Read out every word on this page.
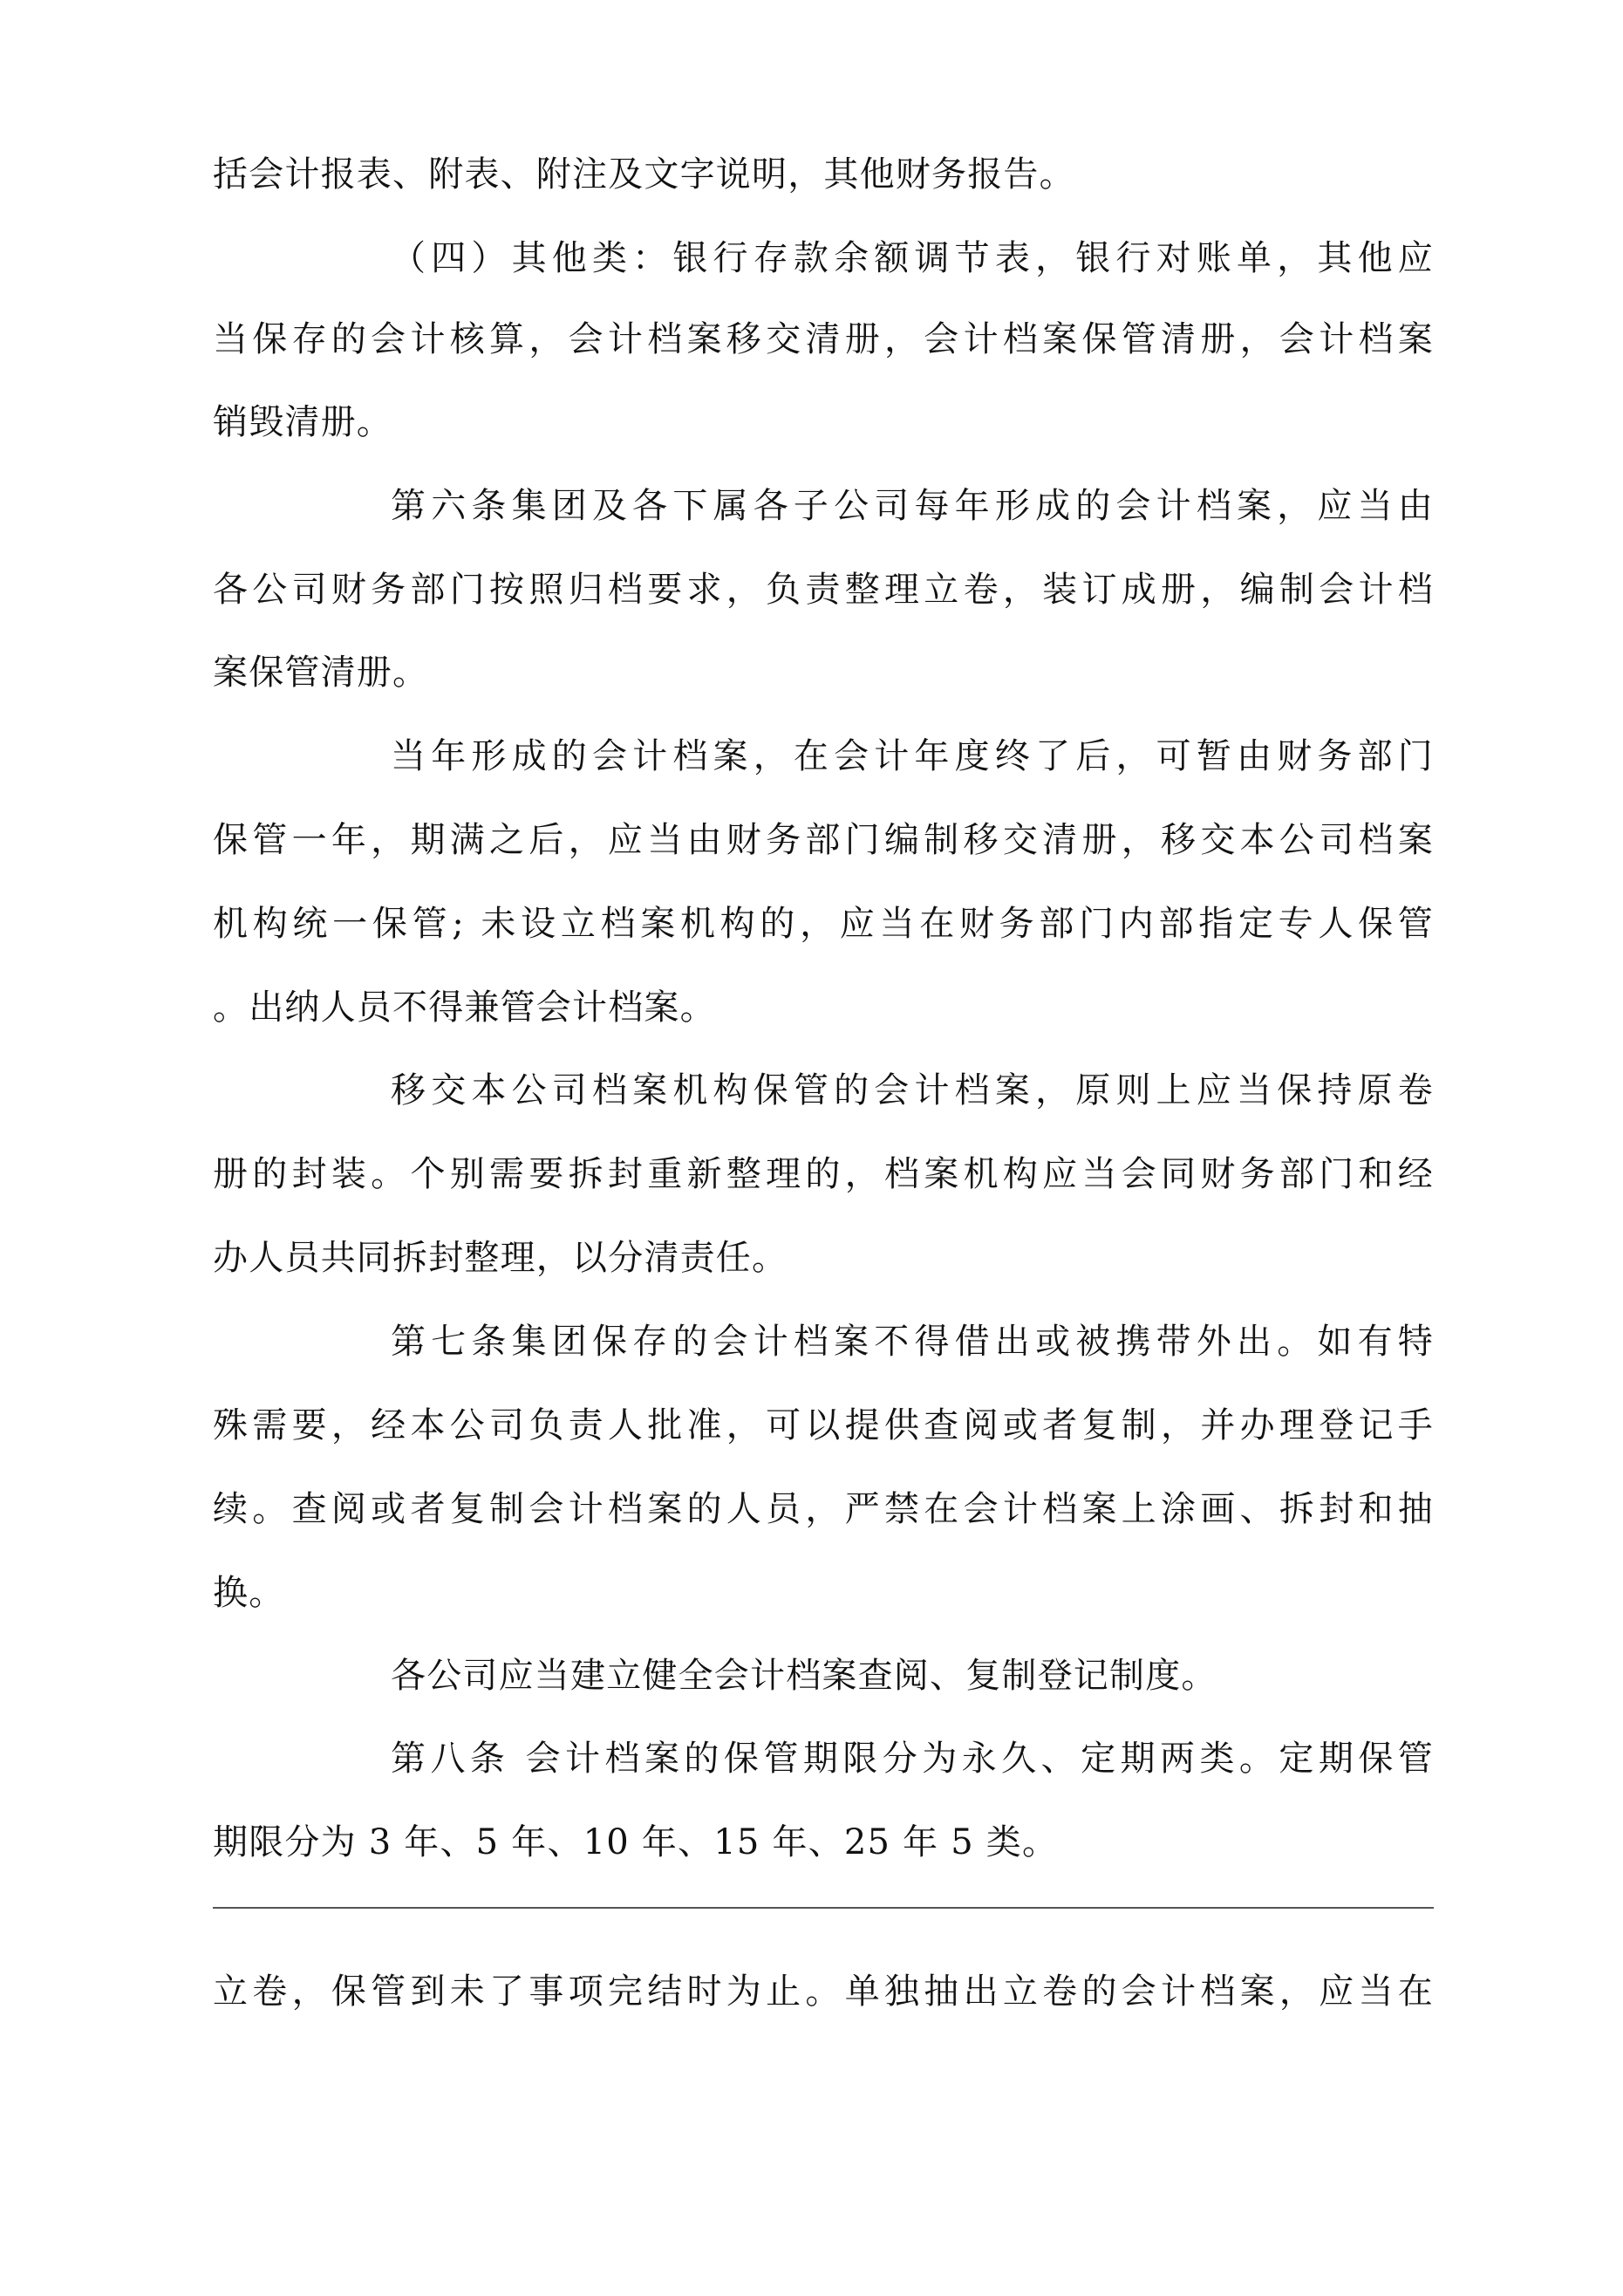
括会计报表、附表、附注及文字说明，其他财务报告。
（四）其他类：银行存款余额调节表，银行对账单，其他应
当保存的会计核算，会计档案移交清册，会计档案保管清册，会计档案
销毁清册。
第六条集团及各下属各子公司每年形成的会计档案，应当由
各公司财务部门按照归档要求，负责整理立卷，装订成册，编制会计档
案保管清册。
当年形成的会计档案，在会计年度终了后，可暂由财务部门
保管一年，期满之后，应当由财务部门编制移交清册，移交本公司档案
机构统一保管; 未设立档案机构的，应当在财务部门内部指定专人保管
。出纳人员不得兼管会计档案。
移交本公司档案机构保管的会计档案，原则上应当保持原卷
册的封装。个别需要拆封重新整理的，档案机构应当会同财务部门和经
办人员共同拆封整理，以分清责任。
第七条集团保存的会计档案不得借出或被携带外出。如有特
殊需要，经本公司负责人批准，可以提供查阅或者复制，并办理登记手
续。查阅或者复制会计档案的人员，严禁在会计档案上涂画、拆封和抽
换。
各公司应当建立健全会计档案查阅、复制登记制度。
第八条 会计档案的保管期限分为永久、定期两类。定期保管
期限分为 3 年、5 年、10 年、15 年、25 年 5 类。
立卷，保管到未了事项完结时为止。单独抽出立卷的会计档案，应当在
